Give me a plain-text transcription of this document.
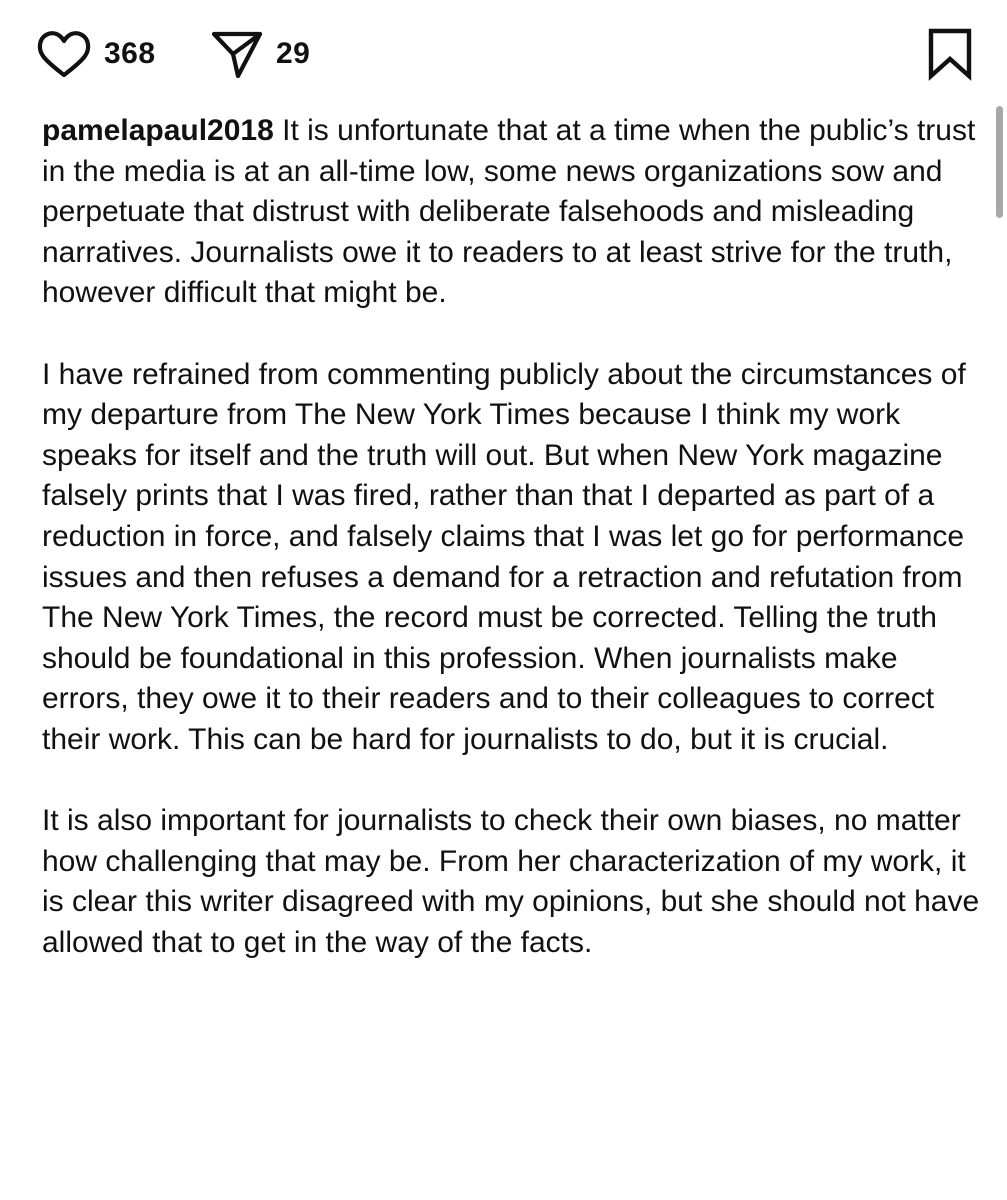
368	29

pamelapaul2018 It is unfortunate that at a time when the public’s trust in the media is at an all-time low, some news organizations sow and perpetuate that distrust with deliberate falsehoods and misleading narratives. Journalists owe it to readers to at least strive for the truth, however difficult that might be.

I have refrained from commenting publicly about the circumstances of my departure from The New York Times because I think my work speaks for itself and the truth will out. But when New York magazine falsely prints that I was fired, rather than that I departed as part of a reduction in force, and falsely claims that I was let go for performance issues and then refuses a demand for a retraction and refutation from The New York Times, the record must be corrected. Telling the truth should be foundational in this profession. When journalists make errors, they owe it to their readers and to their colleagues to correct their work. This can be hard for journalists to do, but it is crucial.

It is also important for journalists to check their own biases, no matter how challenging that may be. From her characterization of my work, it is clear this writer disagreed with my opinions, but she should not have allowed that to get in the way of the facts.
